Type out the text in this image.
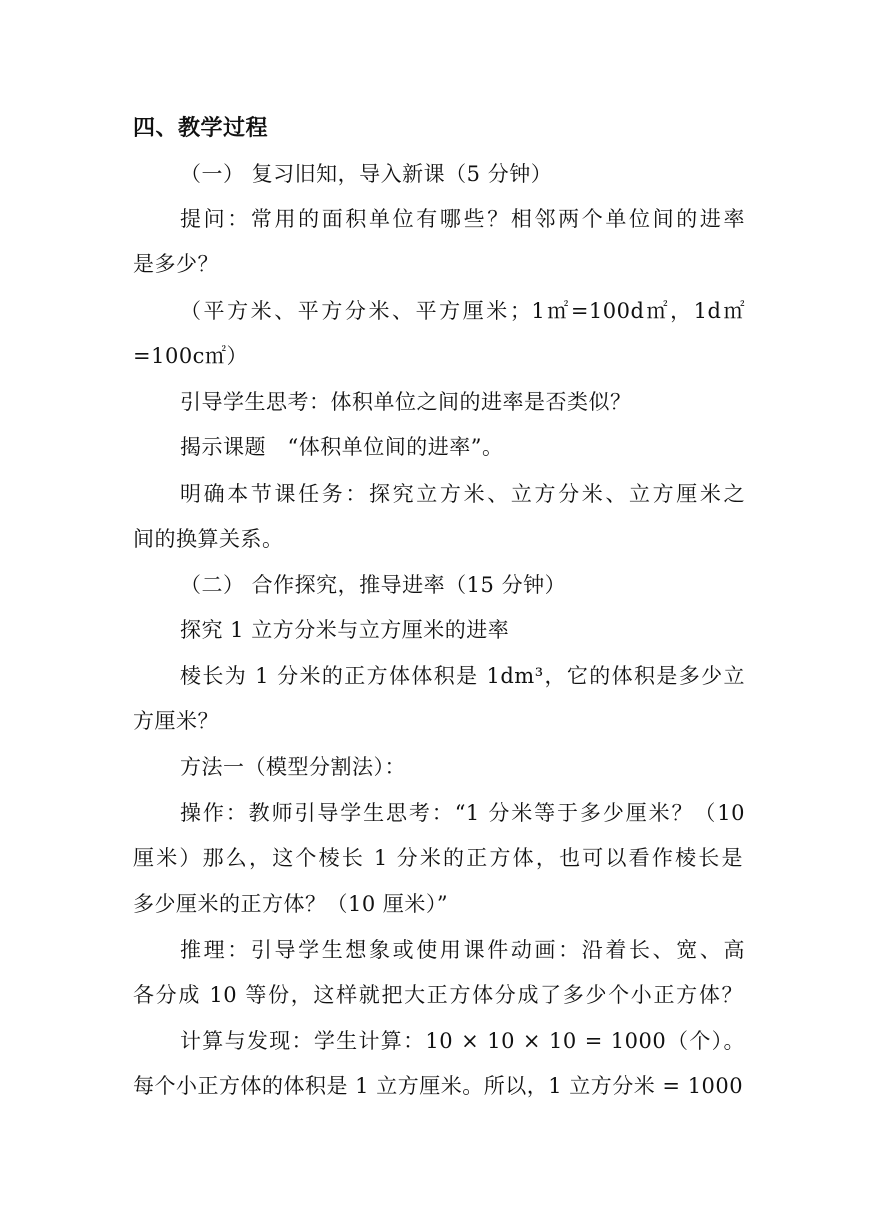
四、教学过程
（一） 复习旧知，导入新课（5 分钟）
提问：常用的面积单位有哪些？相邻两个单位间的进率
是多少？
（平方米、平方分米、平方厘米；1㎡=100d㎡，1d㎡
=100c㎡）
引导学生思考：体积单位之间的进率是否类似？
揭示课题　“体积单位间的进率”。
明确本节课任务：探究立方米、立方分米、立方厘米之
间的换算关系。
（二） 合作探究，推导进率（15 分钟）
探究 1 立方分米与立方厘米的进率
棱长为 1 分米的正方体体积是 1dm³，它的体积是多少立
方厘米？
方法一（模型分割法）：
操作：教师引导学生思考：“1 分米等于多少厘米？（10
厘米）那么，这个棱长 1 分米的正方体，也可以看作棱长是
多少厘米的正方体？（10 厘米）”
推理：引导学生想象或使用课件动画：沿着长、宽、高
各分成 10 等份，这样就把大正方体分成了多少个小正方体？
计算与发现：学生计算：10 × 10 × 10 = 1000（个）。
每个小正方体的体积是 1 立方厘米。所以，1 立方分米 = 1000
